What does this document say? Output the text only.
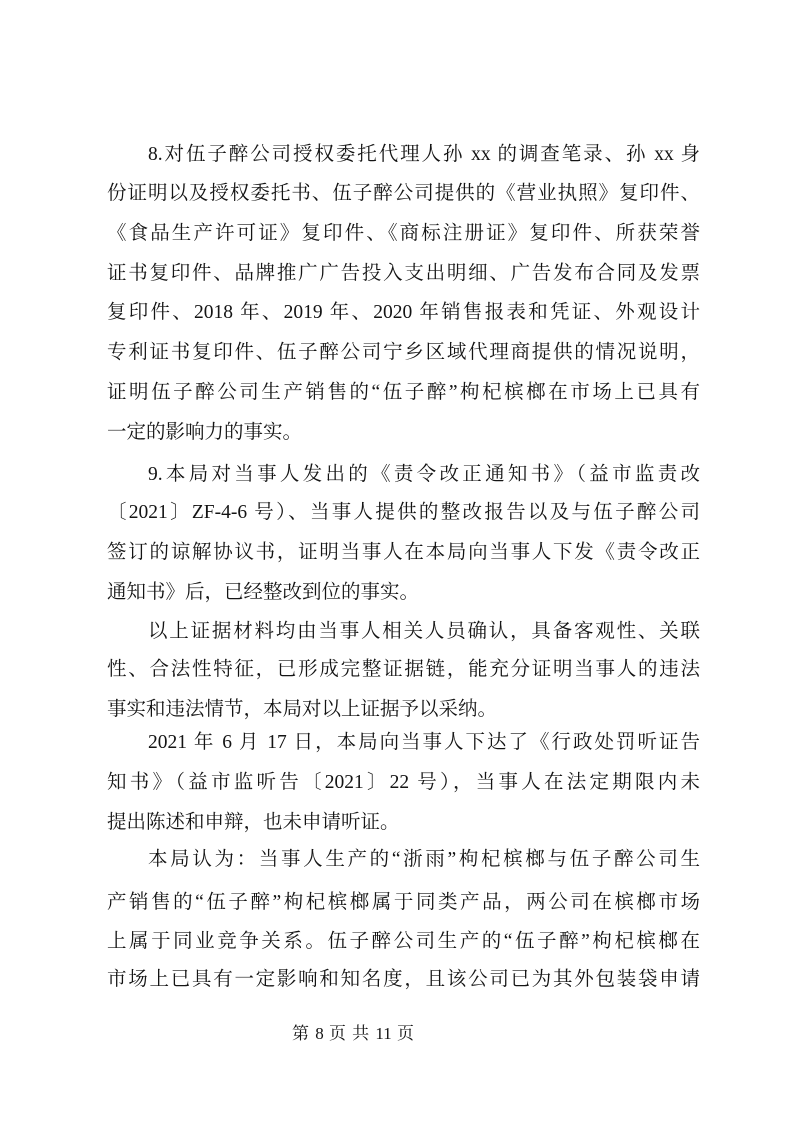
8.对伍子醉公司授权委托代理人孙 xx 的调查笔录、孙 xx 身
份证明以及授权委托书、伍子醉公司提供的《营业执照》复印件、
《食品生产许可证》复印件、《商标注册证》复印件、所获荣誉
证书复印件、品牌推广广告投入支出明细、广告发布合同及发票
复印件、2018 年、2019 年、2020 年销售报表和凭证、外观设计
专利证书复印件、伍子醉公司宁乡区域代理商提供的情况说明，
证明伍子醉公司生产销售的“伍子醉”枸杞槟榔在市场上已具有
一定的影响力的事实。
9.本局对当事人发出的《责令改正通知书》（益市监责改
〔2021〕ZF-4-6 号）、当事人提供的整改报告以及与伍子醉公司
签订的谅解协议书，证明当事人在本局向当事人下发《责令改正
通知书》后，已经整改到位的事实。
以上证据材料均由当事人相关人员确认，具备客观性、关联
性、合法性特征，已形成完整证据链，能充分证明当事人的违法
事实和违法情节，本局对以上证据予以采纳。
2021 年 6 月 17 日，本局向当事人下达了《行政处罚听证告
知书》（益市监听告〔2021〕22 号），当事人在法定期限内未
提出陈述和申辩，也未申请听证。
本局认为：当事人生产的“浙雨”枸杞槟榔与伍子醉公司生
产销售的“伍子醉”枸杞槟榔属于同类产品，两公司在槟榔市场
上属于同业竞争关系。伍子醉公司生产的“伍子醉”枸杞槟榔在
市场上已具有一定影响和知名度，且该公司已为其外包装袋申请
第 8 页 共 11 页
